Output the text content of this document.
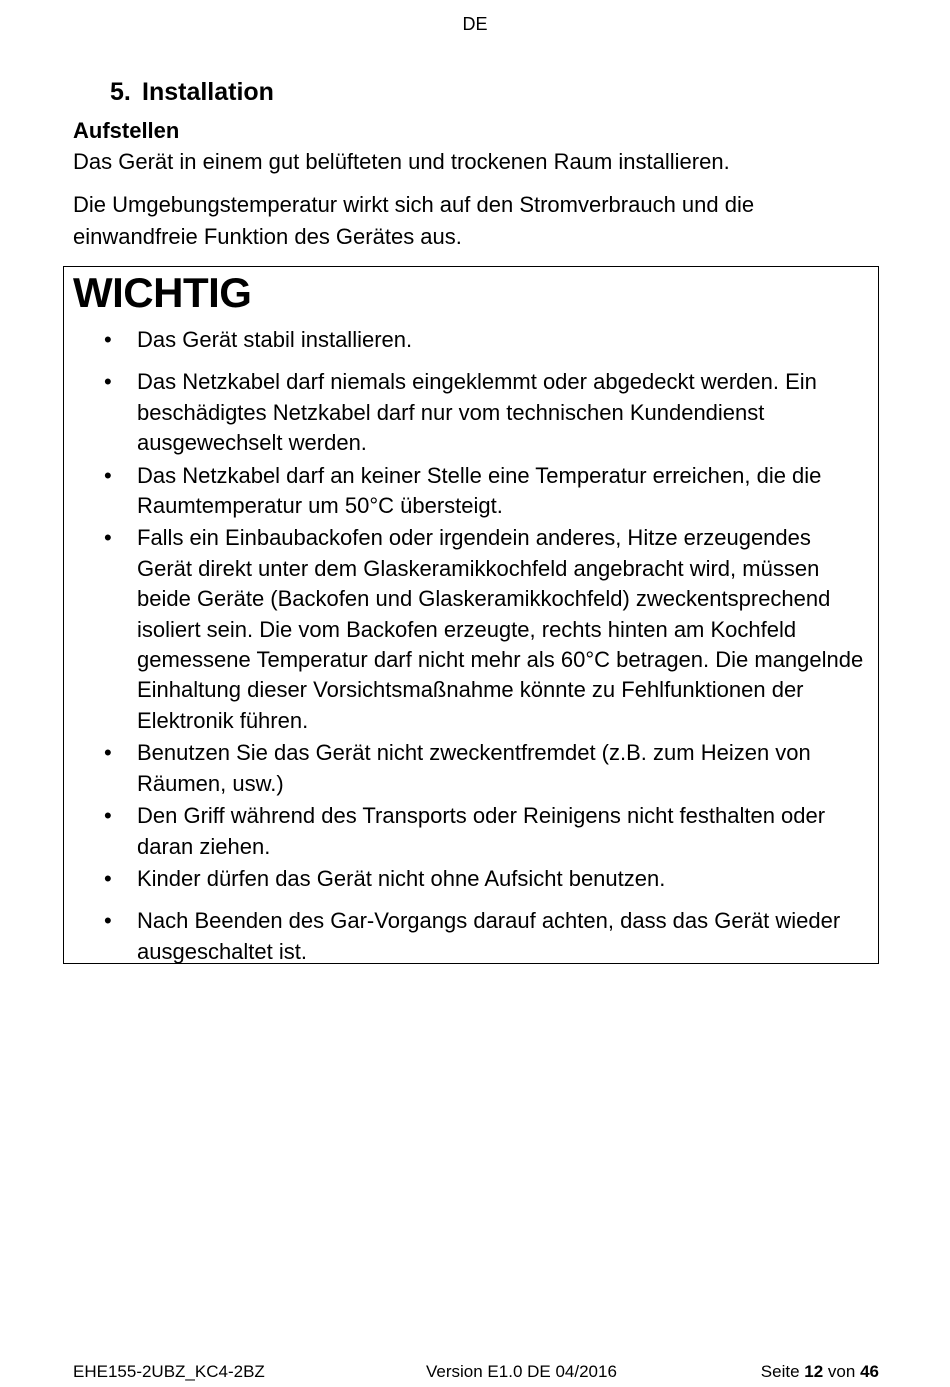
DE
5. Installation
Aufstellen

Das Gerät in einem gut belüfteten und trockenen Raum installieren.

Die Umgebungstemperatur wirkt sich auf den Stromverbrauch und die einwandfreie Funktion des Gerätes aus.

WICHTIG
• Das Gerät stabil installieren.
• Das Netzkabel darf niemals eingeklemmt oder abgedeckt werden. Ein beschädigtes Netzkabel darf nur vom technischen Kundendienst ausgewechselt werden.
• Das Netzkabel darf an keiner Stelle eine Temperatur erreichen, die die Raumtemperatur um 50°C übersteigt.
• Falls ein Einbaubackofen oder irgendein anderes, Hitze erzeugendes Gerät direkt unter dem Glaskeramikkochfeld angebracht wird, müssen beide Geräte (Backofen und Glaskeramikkochfeld) zweckentsprechend isoliert sein. Die vom Backofen erzeugte, rechts hinten am Kochfeld gemessene Temperatur darf nicht mehr als 60°C betragen. Die mangelnde Einhaltung dieser Vorsichtsmaßnahme könnte zu Fehlfunktionen der Elektronik führen.
• Benutzen Sie das Gerät nicht zweckentfremdet (z.B. zum Heizen von Räumen, usw.)
• Den Griff während des Transports oder Reinigens nicht festhalten oder daran ziehen.
• Kinder dürfen das Gerät nicht ohne Aufsicht benutzen.
• Nach Beenden des Gar-Vorgangs darauf achten, dass das Gerät wieder ausgeschaltet ist.
EHE155-2UBZ_KC4-2BZ	Version E1.0 DE 04/2016	Seite 12 von 46
